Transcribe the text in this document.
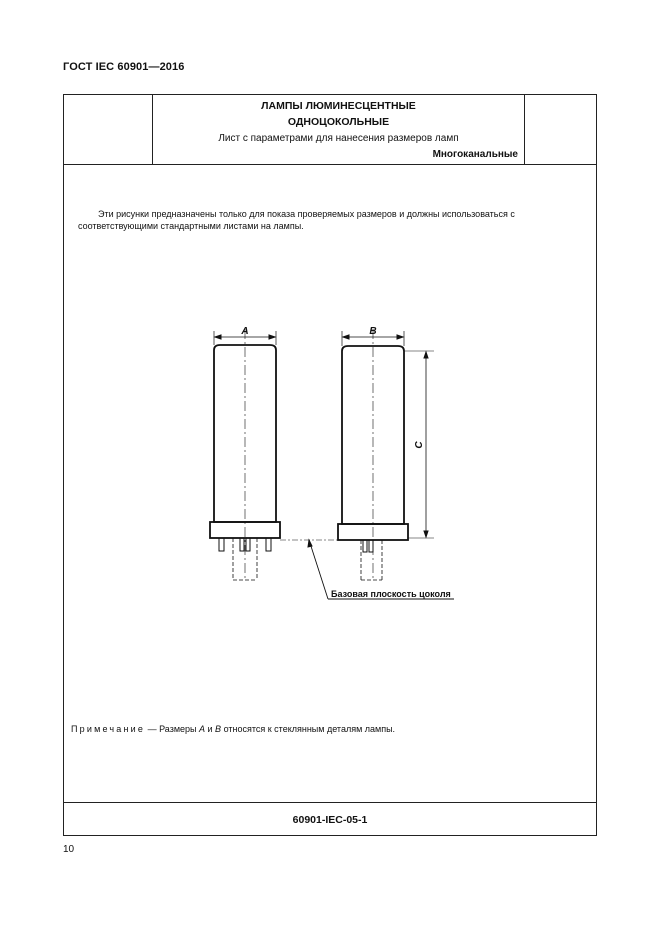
ГОСТ IEC 60901—2016
ЛАМПЫ ЛЮМИНЕСЦЕНТНЫЕ
ОДНОЦОКОЛЬНЫЕ
Лист с параметрами для нанесения размеров ламп
Многоканальные
Эти рисунки предназначены только для показа проверяемых размеров и должны использоваться с соответствующими стандартными листами на лампы.
A	B
C
Базовая плоскость цоколя
Примечание — Размеры A и B относятся к стеклянным деталям лампы.
60901-IEC-05-1
10
